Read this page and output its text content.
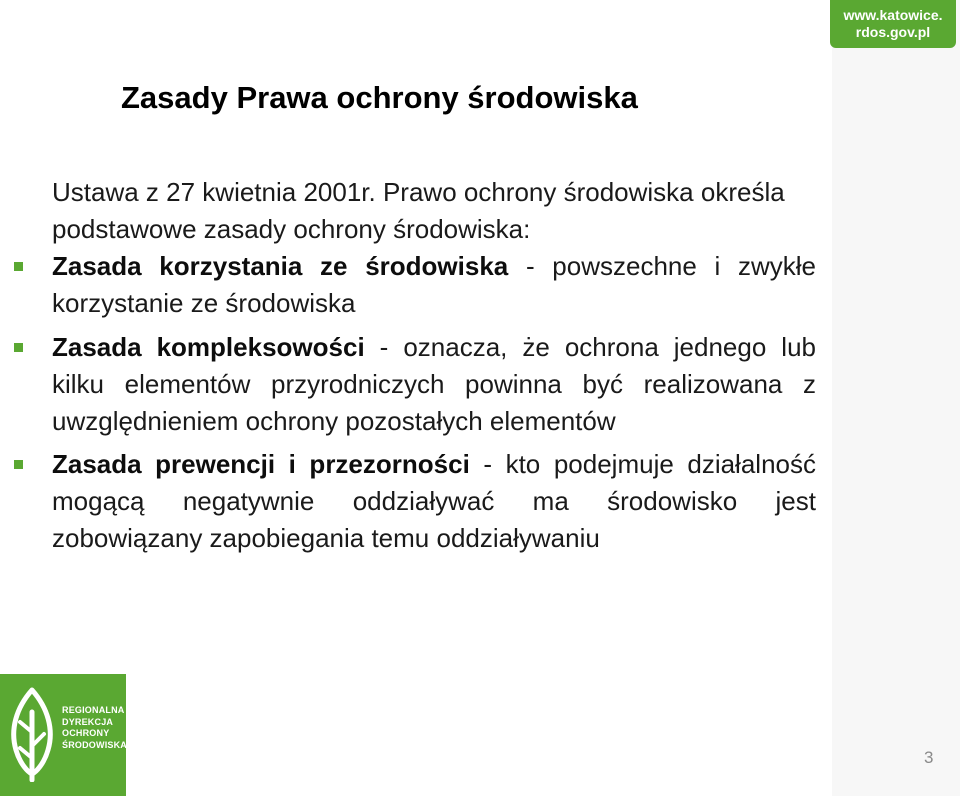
www.katowice.
rdos.gov.pl
Zasady Prawa ochrony środowiska

Ustawa z 27 kwietnia 2001r. Prawo ochrony środowiska określa podstawowe zasady ochrony środowiska:

Zasada korzystania ze środowiska - powszechne i zwykłe korzystanie ze środowiska
Zasada kompleksowości - oznacza, że ochrona jednego lub kilku elementów przyrodniczych powinna być realizowana z uwzględnieniem ochrony pozostałych elementów
Zasada prewencji i przezorności - kto podejmuje działalność mogącą negatywnie oddziaływać ma środowisko jest zobowiązany zapobiegania temu oddziaływaniu
REGIONALNA
DYREKCJA
OCHRONY
ŚRODOWISKA
3
